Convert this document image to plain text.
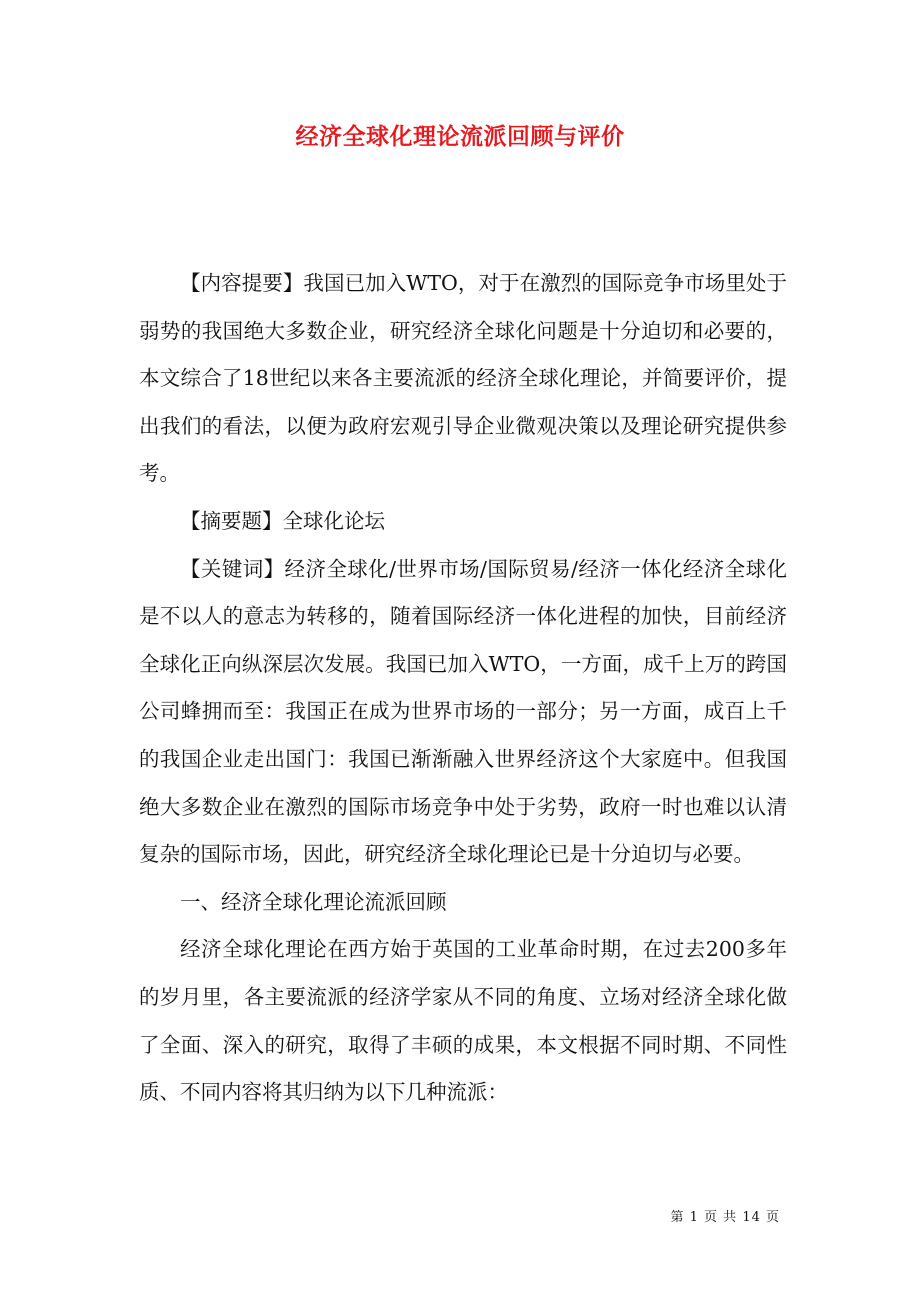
经济全球化理论流派回顾与评价

【内容提要】我国已加入WTO，对于在激烈的国际竞争市场里处于弱势的我国绝大多数企业，研究经济全球化问题是十分迫切和必要的，本文综合了18世纪以来各主要流派的经济全球化理论，并简要评价，提出我们的看法，以便为政府宏观引导企业微观决策以及理论研究提供参考。

【摘要题】全球化论坛

【关键词】经济全球化/世界市场/国际贸易/经济一体化经济全球化是不以人的意志为转移的，随着国际经济一体化进程的加快，目前经济全球化正向纵深层次发展。我国已加入WTO，一方面，成千上万的跨国公司蜂拥而至：我国正在成为世界市场的一部分；另一方面，成百上千的我国企业走出国门：我国已渐渐融入世界经济这个大家庭中。但我国绝大多数企业在激烈的国际市场竞争中处于劣势，政府一时也难以认清复杂的国际市场，因此，研究经济全球化理论已是十分迫切与必要。

一、经济全球化理论流派回顾

经济全球化理论在西方始于英国的工业革命时期，在过去200多年的岁月里，各主要流派的经济学家从不同的角度、立场对经济全球化做了全面、深入的研究，取得了丰硕的成果，本文根据不同时期、不同性质、不同内容将其归纳为以下几种流派：

第 1 页 共 14 页
